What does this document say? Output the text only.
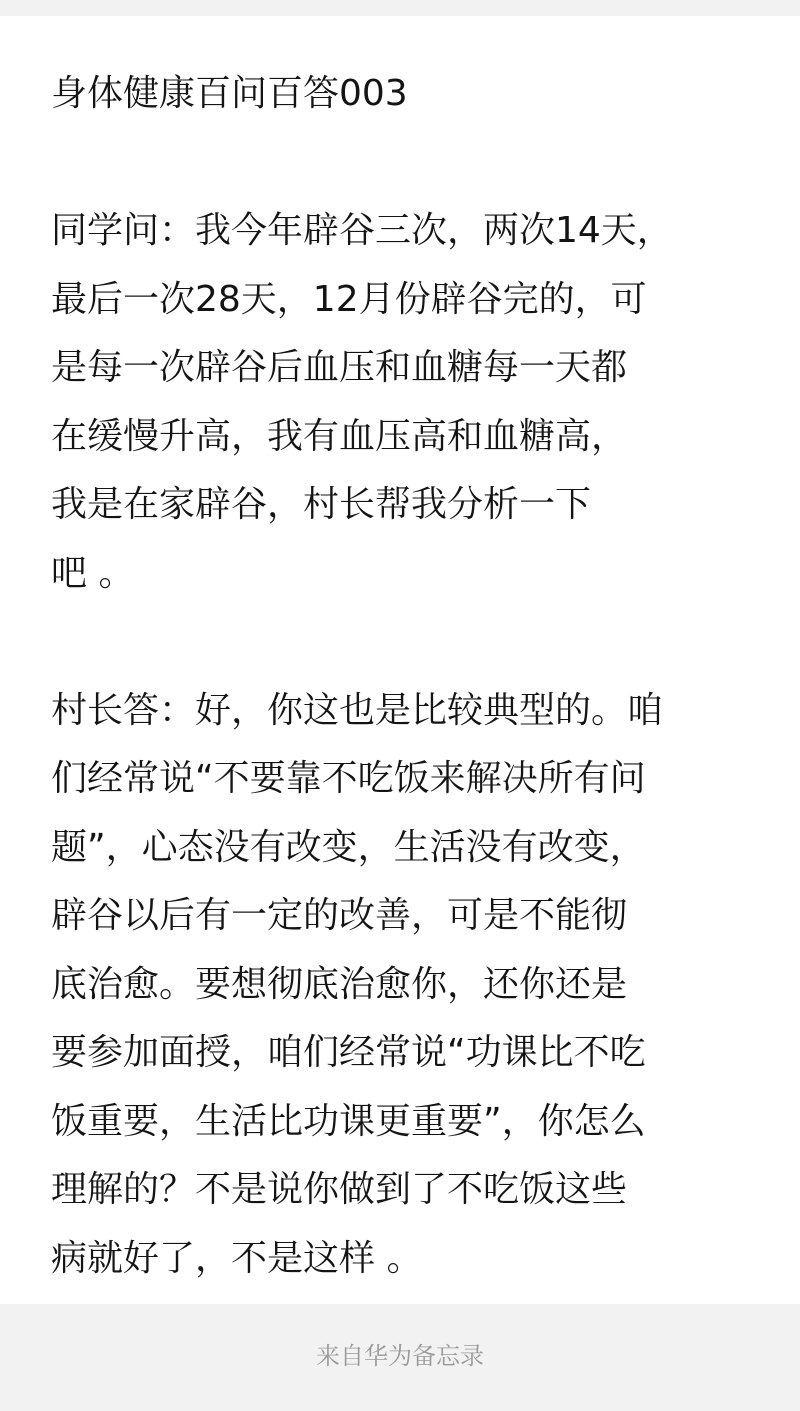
身体健康百问百答003
同学问：我今年辟谷三次，两次14天，
最后一次28天，12月份辟谷完的，可
是每一次辟谷后血压和血糖每一天都
在缓慢升高，我有血压高和血糖高，
我是在家辟谷，村长帮我分析一下
吧 。
村长答：好，你这也是比较典型的。咱
们经常说“不要靠不吃饭来解决所有问
题”，心态没有改变，生活没有改变，
辟谷以后有一定的改善，可是不能彻
底治愈。要想彻底治愈你，还你还是
要参加面授，咱们经常说“功课比不吃
饭重要，生活比功课更重要”，你怎么
理解的？不是说你做到了不吃饭这些
病就好了，不是这样 。
来自华为备忘录
